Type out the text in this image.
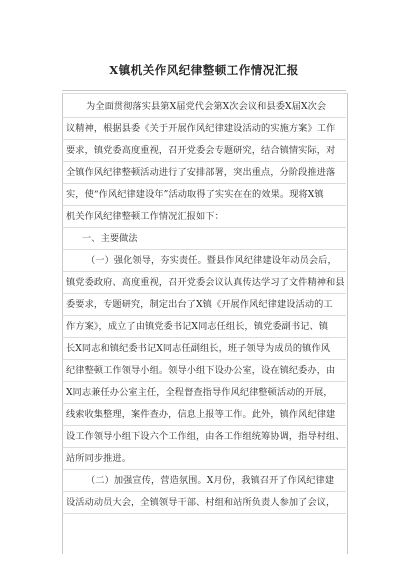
X镇机关作风纪律整顿工作情况汇报
为全面贯彻落实县第X届党代会第X次会议和县委X届X次会
议精神，根据县委《关于开展作风纪律建设活动的实施方案》工作
要求，镇党委高度重视，召开党委会专题研究，结合镇情实际，对
全镇作风纪律整顿活动进行了安排部署，突出重点，分阶段推进落
实，使“作风纪律建设年”活动取得了实实在在的效果。现将X镇
机关作风纪律整顿工作情况汇报如下：
一、主要做法
（一）强化领导，夯实责任。暨县作风纪律建设年动员会后，
镇党委政府、高度重视，召开党委会议认真传达学习了文件精神和县
委要求，专题研究，制定出台了X镇《开展作风纪律建设活动的工
作方案》，成立了由镇党委书记X同志任组长，镇党委副书记、镇
长X同志和镇纪委书记X同志任副组长，班子领导为成员的镇作风
纪律整顿工作领导小组。领导小组下设办公室，设在镇纪委办，由
X同志兼任办公室主任，全程督查指导作风纪律整顿活动的开展，
线索收集整理，案件查办，信息上报等工作。此外，镇作风纪律建
设工作领导小组下设六个工作组，由各工作组统筹协调，指导村组、
站所同步推进。
（二）加强宣传，营造氛围。X月份，我镇召开了作风纪律建
设活动动员大会，全镇领导干部、村组和站所负责人参加了会议，
